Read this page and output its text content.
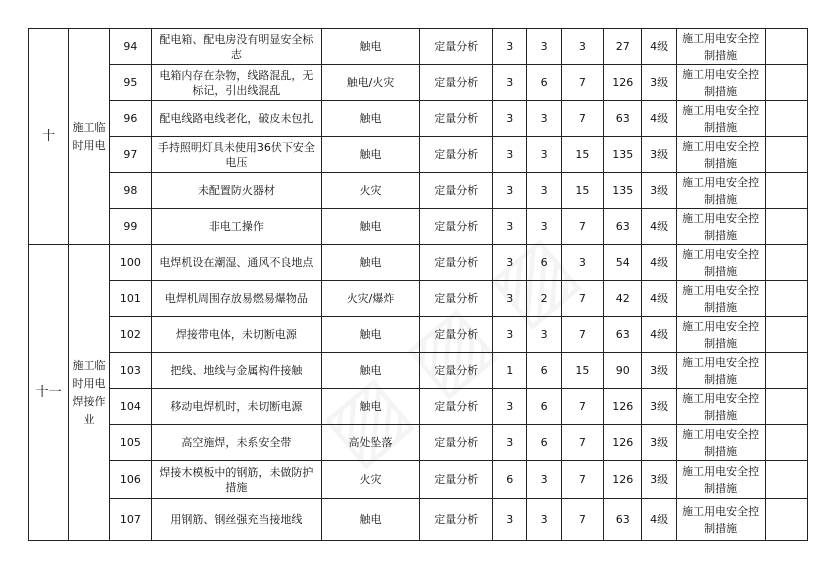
十	施工临时用电	94	配电箱、配电房没有明显安全标志	触电	定量分析	3	3	3	27	4级	施工用电安全控制措施	
		95	电箱内存在杂物，线路混乱，无标记，引出线混乱	触电/火灾	定量分析	3	6	7	126	3级	施工用电安全控制措施	
		96	配电线路电线老化，破皮未包扎	触电	定量分析	3	3	7	63	4级	施工用电安全控制措施	
		97	手持照明灯具未使用36伏下安全电压	触电	定量分析	3	3	15	135	3级	施工用电安全控制措施	
		98	未配置防火器材	火灾	定量分析	3	3	15	135	3级	施工用电安全控制措施	
		99	非电工操作	触电	定量分析	3	3	7	63	4级	施工用电安全控制措施	
十一	施工临时用电焊接作业	100	电焊机设在潮湿、通风不良地点	触电	定量分析	3	6	3	54	4级	施工用电安全控制措施	
		101	电焊机周围存放易燃易爆物品	火灾/爆炸	定量分析	3	2	7	42	4级	施工用电安全控制措施	
		102	焊接带电体，未切断电源	触电	定量分析	3	3	7	63	4级	施工用电安全控制措施	
		103	把线、地线与金属构件接触	触电	定量分析	1	6	15	90	3级	施工用电安全控制措施	
		104	移动电焊机时，未切断电源	触电	定量分析	3	6	7	126	3级	施工用电安全控制措施	
		105	高空施焊，未系安全带	高处坠落	定量分析	3	6	7	126	3级	施工用电安全控制措施	
		106	焊接木模板中的钢筋，未做防护措施	火灾	定量分析	6	3	7	126	3级	施工用电安全控制措施	
		107	用钢筋、钢丝强充当接地线	触电	定量分析	3	3	7	63	4级	施工用电安全控制措施	
